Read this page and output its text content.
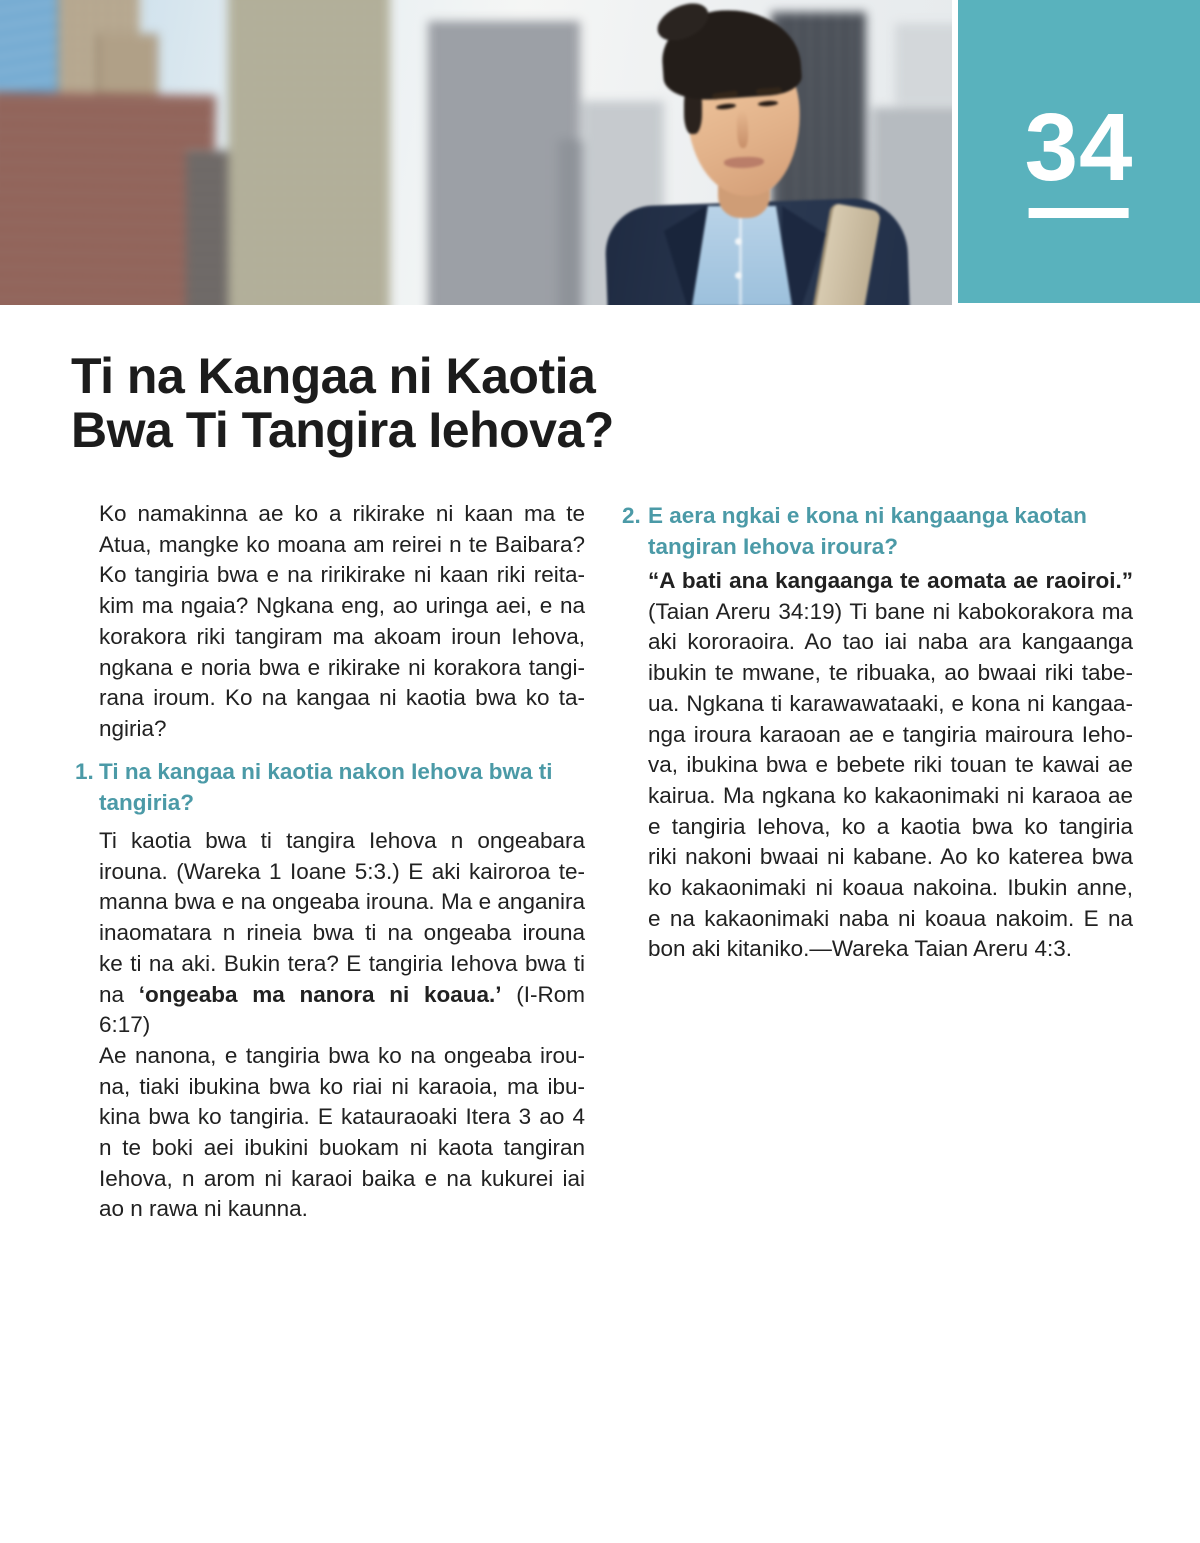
34
Ti na Kangaa ni Kaotia
Bwa Ti Tangira Iehova?
Ko namakinna ae ko a rikirake ni kaan ma te
Atua, mangke ko moana am reirei n te Baibara?
Ko tangiria bwa e na ririkirake ni kaan riki reita-
kim ma ngaia? Ngkana eng, ao uringa aei, e na
korakora riki tangiram ma akoam iroun Iehova,
ngkana e noria bwa e rikirake ni korakora tangi-
rana iroum. Ko na kangaa ni kaotia bwa ko ta-
ngiria?
1. Ti na kangaa ni kaotia nakon Iehova bwa ti
tangiria?
Ti kaotia bwa ti tangira Iehova n ongeabara
irouna. (Wareka 1 Ioane 5:3.) E aki kairoroa te-
manna bwa e na ongeaba irouna. Ma e anganira
inaomatara n rineia bwa ti na ongeaba irouna
ke ti na aki. Bukin tera? E tangiria Iehova bwa ti
na ‘ongeaba ma nanora ni koaua.’ (I-Rom 6:17)
Ae nanona, e tangiria bwa ko na ongeaba irou-
na, tiaki ibukina bwa ko riai ni karaoia, ma ibu-
kina bwa ko tangiria. E katauraoaki Itera 3 ao 4
n te boki aei ibukini buokam ni kaota tangiran
Iehova, n arom ni karaoi baika e na kukurei iai
ao n rawa ni kaunna.
2. E aera ngkai e kona ni kangaanga kaotan
tangiran Iehova iroura?
“A bati ana kangaanga te aomata ae raoiroi.”
(Taian Areru 34:19) Ti bane ni kabokorakora ma
aki kororaoira. Ao tao iai naba ara kangaanga
ibukin te mwane, te ribuaka, ao bwaai riki tabe-
ua. Ngkana ti karawawataaki, e kona ni kangaa-
nga iroura karaoan ae e tangiria mairoura Ieho-
va, ibukina bwa e bebete riki touan te kawai ae
kairua. Ma ngkana ko kakaonimaki ni karaoa ae
e tangiria Iehova, ko a kaotia bwa ko tangiria
riki nakoni bwaai ni kabane. Ao ko katerea bwa
ko kakaonimaki ni koaua nakoina. Ibukin anne,
e na kakaonimaki naba ni koaua nakoim. E na
bon aki kitaniko.—Wareka Taian Areru 4:3.
